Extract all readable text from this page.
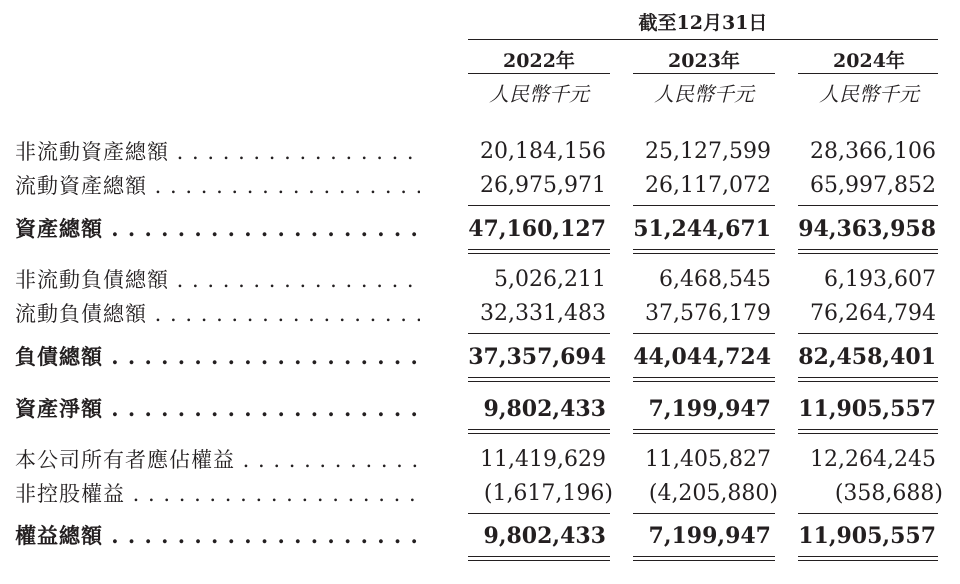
截至12月31日
2022年	2023年	2024年
人民幣千元	人民幣千元	人民幣千元
非流動資產總額 . . .	20,184,156 25,127,599 28,366,106
流動資產總額 . . .	26,975,971 26,117,072 65,997,852
資產總額 . . .	47,160,127 51,244,671 94,363,958
非流動負債總額 . . .	5,026,211 6,468,545 6,193,607
流動負債總額 . . .	32,331,483 37,576,179 76,264,794
負債總額 . . .	37,357,694 44,044,724 82,458,401
資產淨額 . . .	9,802,433 7,199,947 11,905,557
本公司所有者應佔權益 . . .	11,419,629 11,405,827 12,264,245
非控股權益 . . .	(1,617,196) (4,205,880)	(358,688)
權益總額 . . .	9,802,433 7,199,947 11,905,557
